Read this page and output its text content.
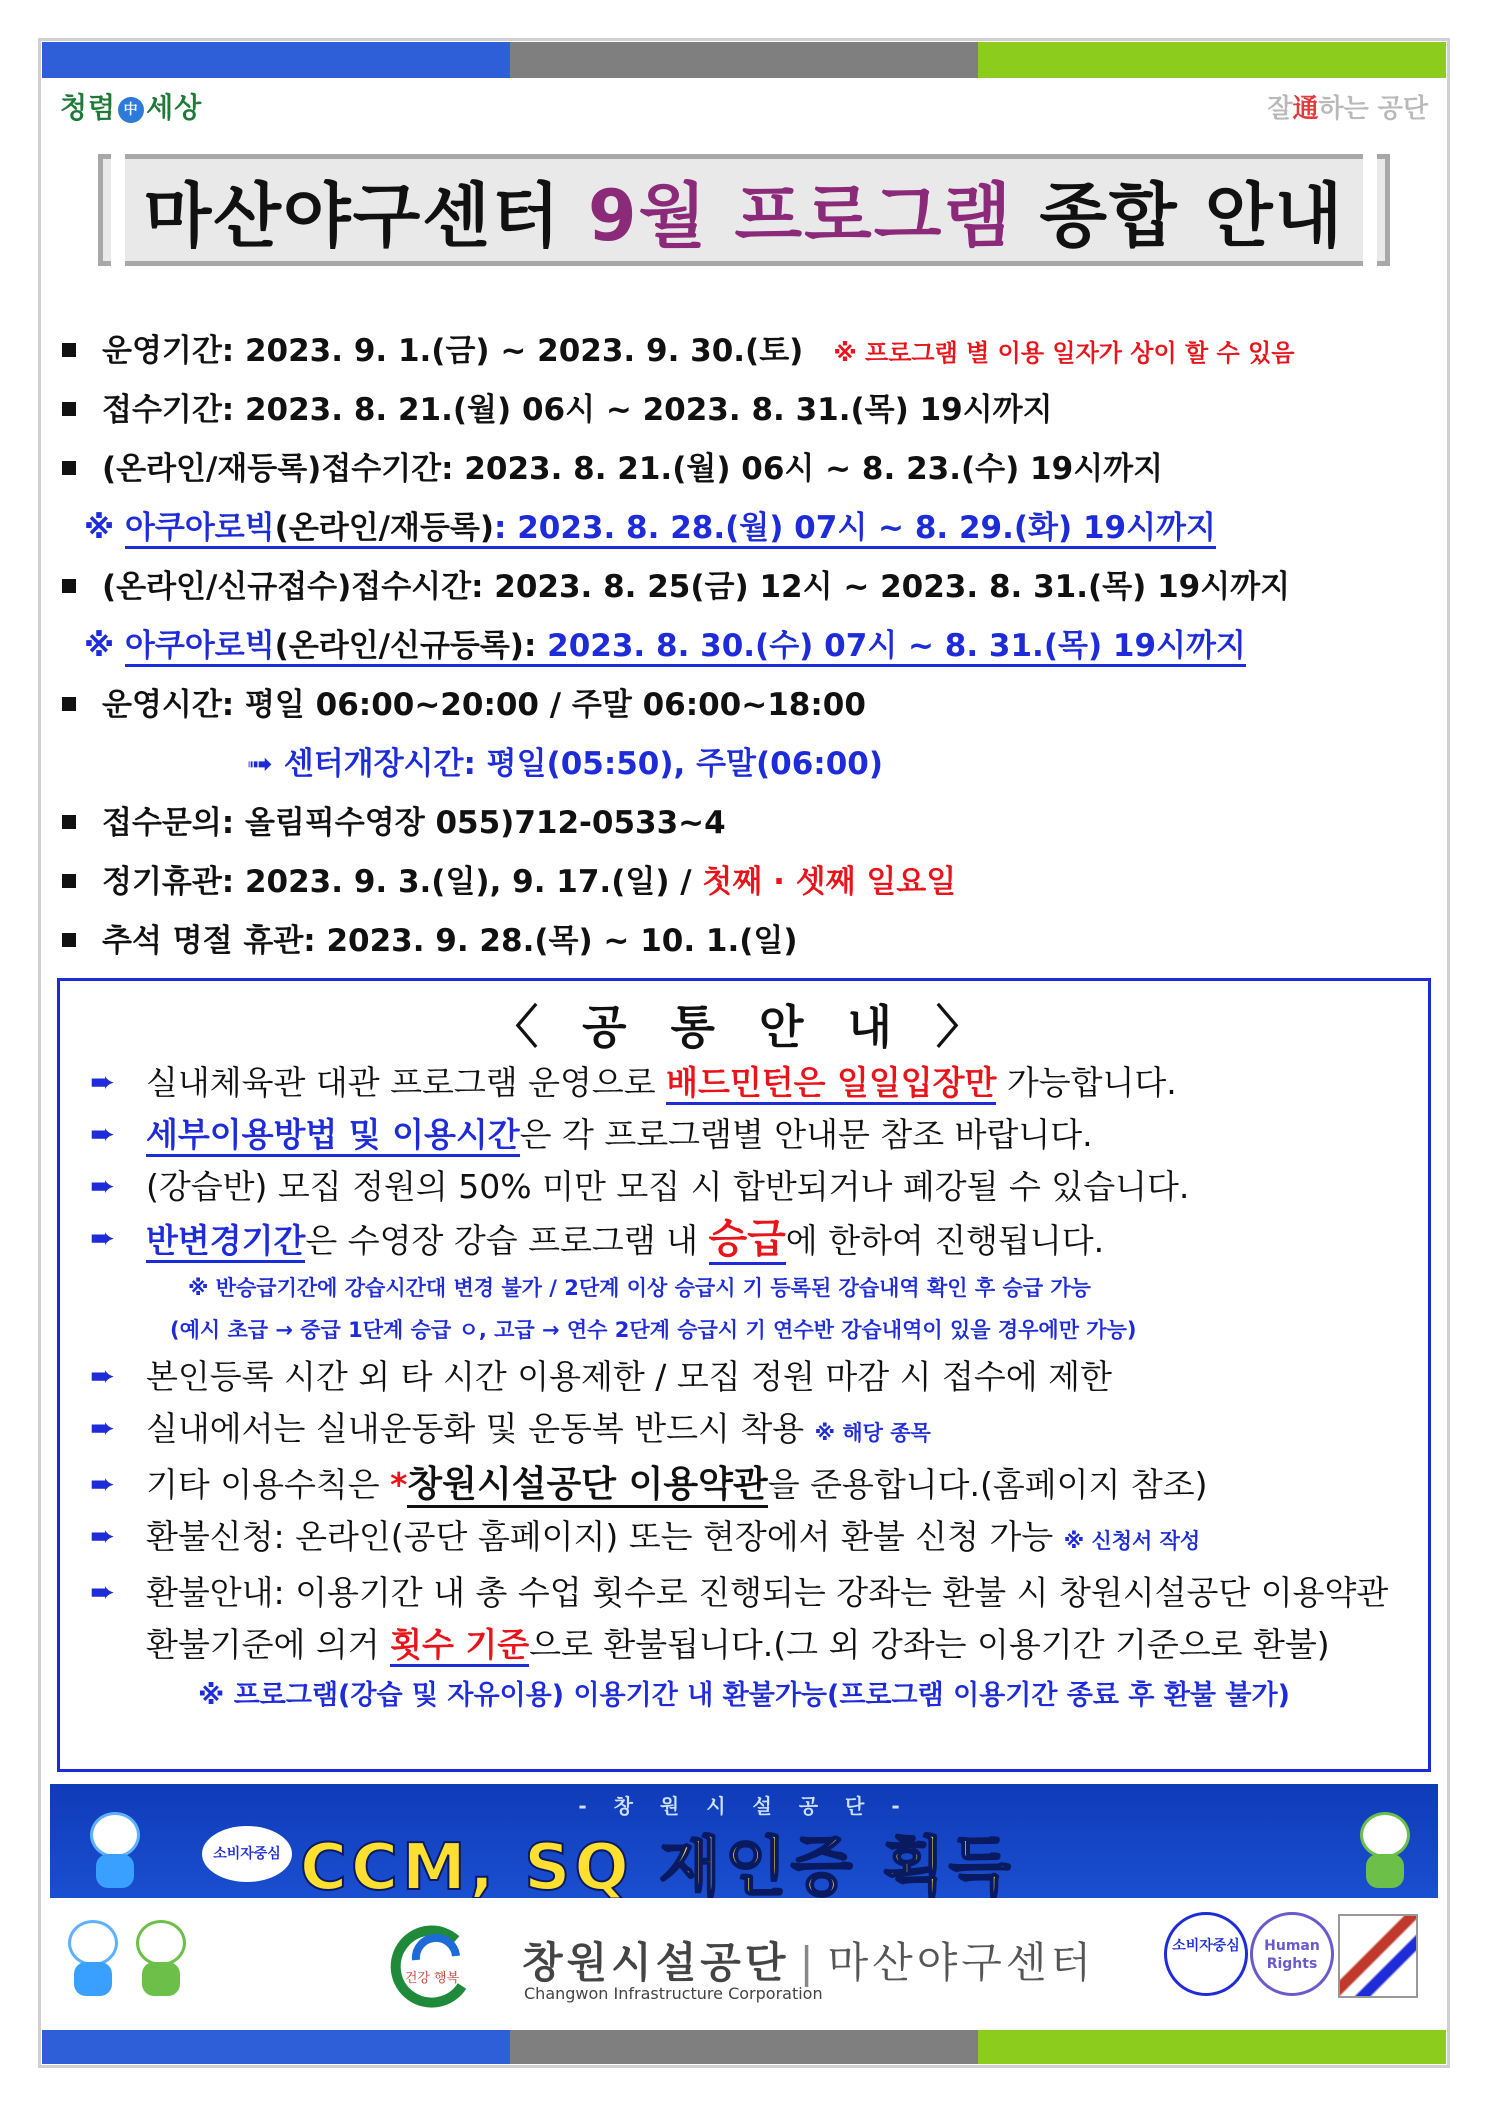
청렴 中 세상	잘通하는 공단
마산야구센터 9월 프로그램 종합 안내
운영기간: 2023. 9. 1.(금) ~ 2023. 9. 30.(토) ※ 프로그램 별 이용 일자가 상이 할 수 있음
접수기간: 2023. 8. 21.(월) 06시 ~ 2023. 8. 31.(목) 19시까지
(온라인/재등록)접수기간: 2023. 8. 21.(월) 06시 ~ 8. 23.(수) 19시까지
※ 아쿠아로빅(온라인/재등록): 2023. 8. 28.(월) 07시 ~ 8. 29.(화) 19시까지
(온라인/신규접수)접수시간: 2023. 8. 25(금) 12시 ~ 2023. 8. 31.(목) 19시까지
※ 아쿠아로빅(온라인/신규등록): 2023. 8. 30.(수) 07시 ~ 8. 31.(목) 19시까지
운영시간: 평일 06:00~20:00 / 주말 06:00~18:00
➟ 센터개장시간: 평일(05:50), 주말(06:00)
접수문의: 올림픽수영장 055)712-0533~4
정기휴관: 2023. 9. 3.(일), 9. 17.(일) / 첫째 · 셋째 일요일
추석 명절 휴관: 2023. 9. 28.(목) ~ 10. 1.(일)
〈 공 통 안 내 〉
➨ 실내체육관 대관 프로그램 운영으로 배드민턴은 일일입장만 가능합니다.
➨ 세부이용방법 및 이용시간은 각 프로그램별 안내문 참조 바랍니다.
➨ (강습반) 모집 정원의 50% 미만 모집 시 합반되거나 폐강될 수 있습니다.
➨ 반변경기간은 수영장 강습 프로그램 내 승급에 한하여 진행됩니다.
※ 반승급기간에 강습시간대 변경 불가 / 2단계 이상 승급시 기 등록된 강습내역 확인 후 승급 가능
(예시 초급 → 중급 1단계 승급 ㅇ, 고급 → 연수 2단계 승급시 기 연수반 강습내역이 있을 경우에만 가능)
➨ 본인등록 시간 외 타 시간 이용제한 / 모집 정원 마감 시 접수에 제한
➨ 실내에서는 실내운동화 및 운동복 반드시 착용 ※ 해당 종목
➨ 기타 이용수칙은 *창원시설공단 이용약관을 준용합니다.(홈페이지 참조)
➨ 환불신청: 온라인(공단 홈페이지) 또는 현장에서 환불 신청 가능 ※ 신청서 작성
➨ 환불안내: 이용기간 내 총 수업 횟수로 진행되는 강좌는 환불 시 창원시설공단 이용약관
환불기준에 의거 횟수 기준으로 환불됩니다.(그 외 강좌는 이용기간 기준으로 환불)
※ 프로그램(강습 및 자유이용) 이용기간 내 환불가능(프로그램 이용기간 종료 후 환불 불가)
- 창 원 시 설 공 단 -
소비자중심 CCM, SQ 재인증 획득
건강 행복 창원시설공단 | 마산야구센터
Changwon Infrastructure Corporation
소비자중심	Human Rights
